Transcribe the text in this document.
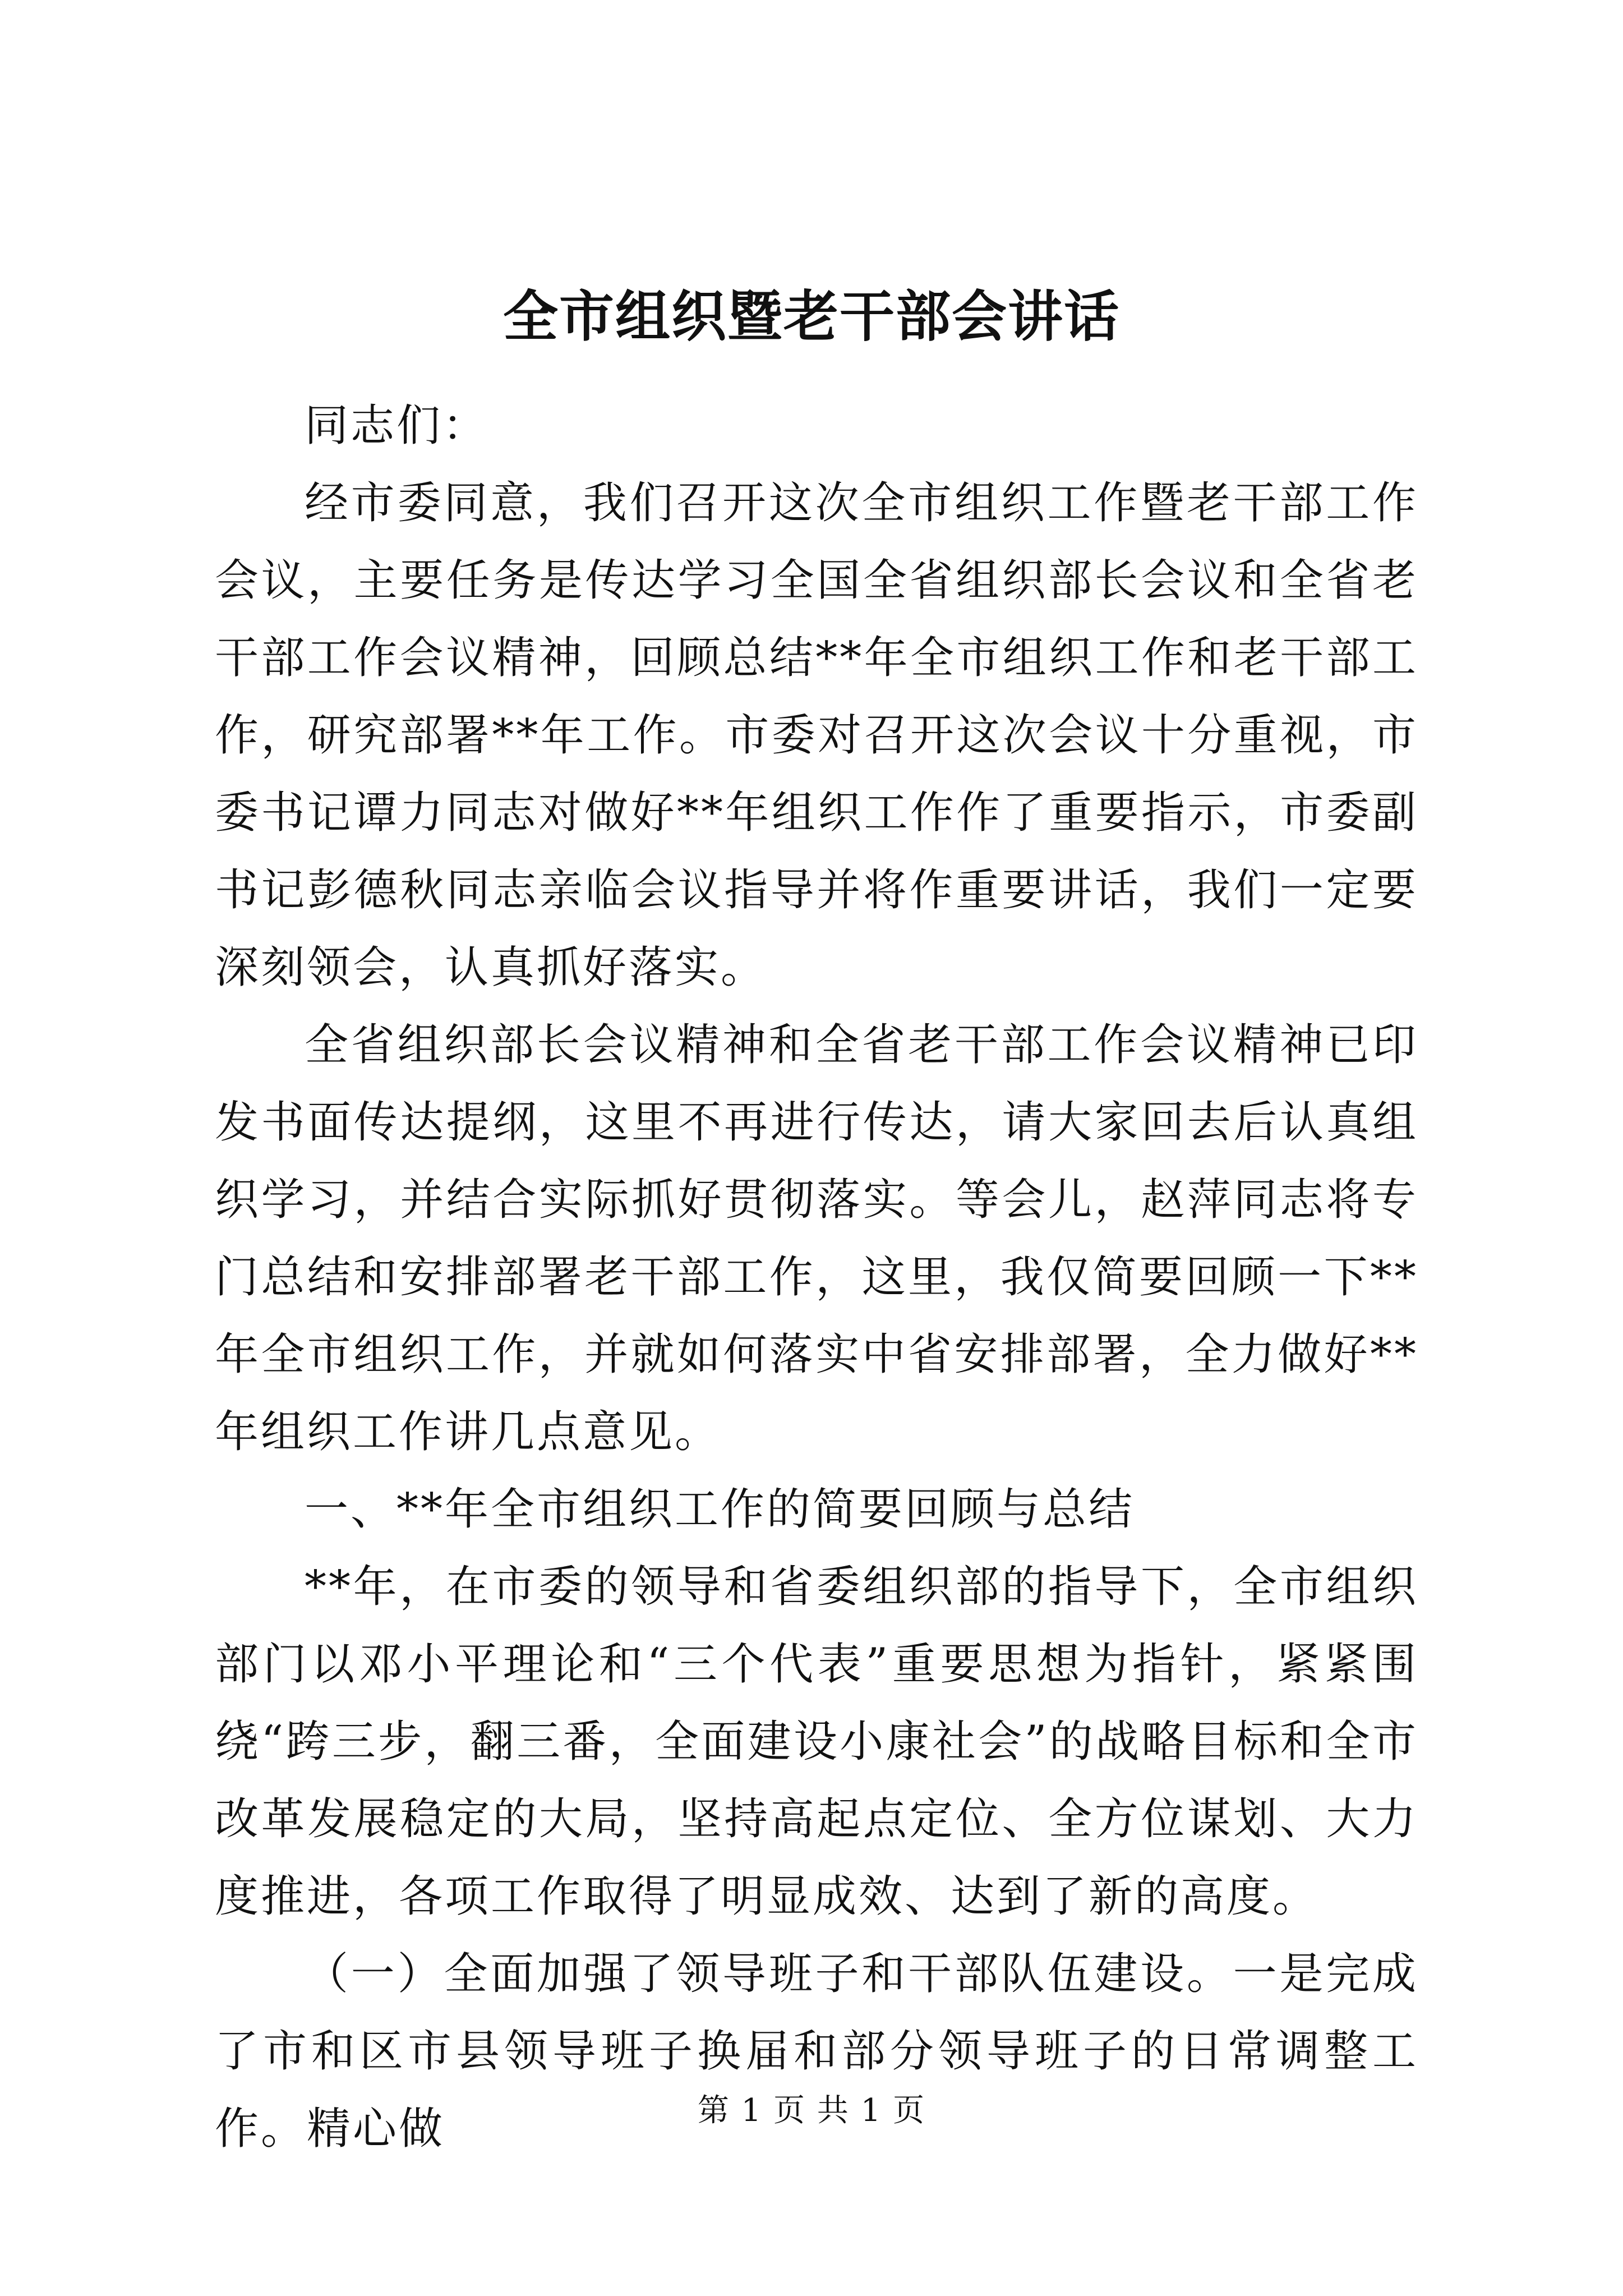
全市组织暨老干部会讲话

同志们：

经市委同意，我们召开这次全市组织工作暨老干部工作会议，主要任务是传达学习全国全省组织部长会议和全省老干部工作会议精神，回顾总结**年全市组织工作和老干部工作，研究部署**年工作。市委对召开这次会议十分重视，市委书记谭力同志对做好**年组织工作作了重要指示，市委副书记彭德秋同志亲临会议指导并将作重要讲话，我们一定要深刻领会，认真抓好落实。

全省组织部长会议精神和全省老干部工作会议精神已印发书面传达提纲，这里不再进行传达，请大家回去后认真组织学习，并结合实际抓好贯彻落实。等会儿，赵萍同志将专门总结和安排部署老干部工作，这里，我仅简要回顾一下**年全市组织工作，并就如何落实中省安排部署，全力做好**年组织工作讲几点意见。

一、**年全市组织工作的简要回顾与总结

**年，在市委的领导和省委组织部的指导下，全市组织部门以邓小平理论和“三个代表”重要思想为指针，紧紧围绕“跨三步，翻三番，全面建设小康社会”的战略目标和全市改革发展稳定的大局，坚持高起点定位、全方位谋划、大力度推进，各项工作取得了明显成效、达到了新的高度。

（一）全面加强了领导班子和干部队伍建设。一是完成了市和区市县领导班子换届和部分领导班子的日常调整工作。精心做	第 1 页 共 1 页
